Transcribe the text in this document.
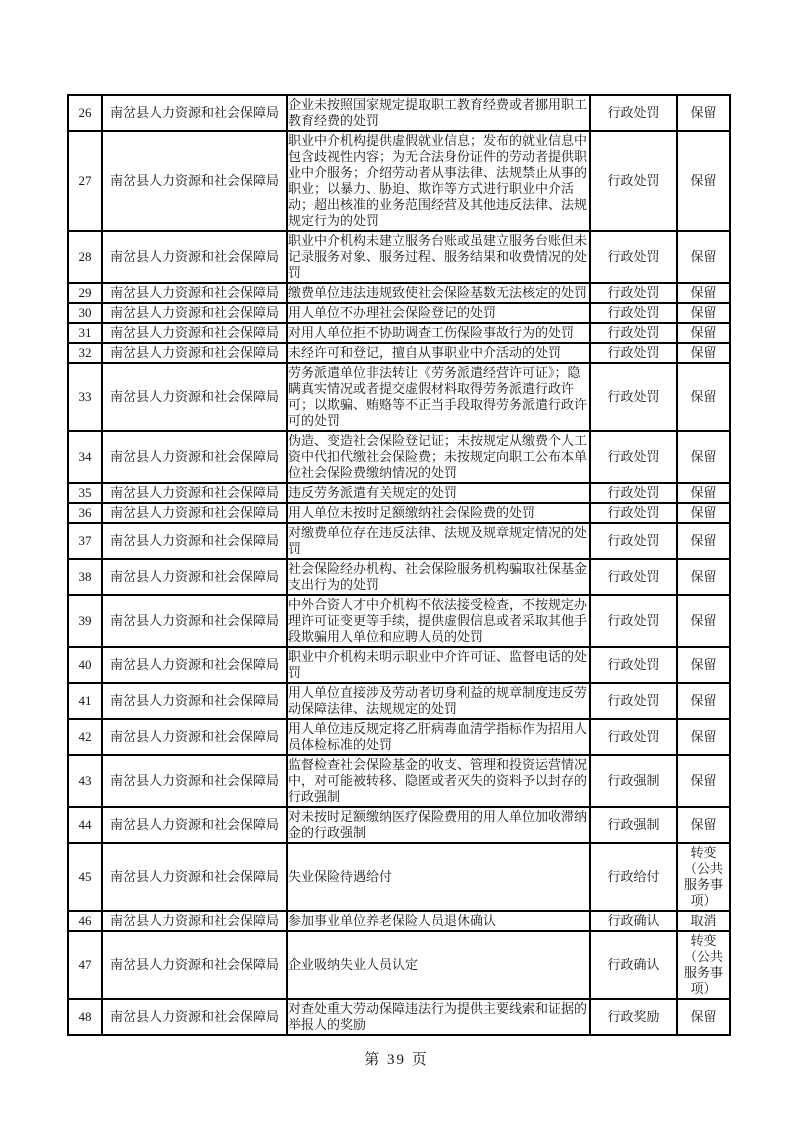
26	南岔县人力资源和社会保障局	企业未按照国家规定提取职工教育经费或者挪用职工教育经费的处罚	行政处罚	保留
27	南岔县人力资源和社会保障局	职业中介机构提供虚假就业信息；发布的就业信息中包含歧视性内容；为无合法身份证件的劳动者提供职业中介服务；介绍劳动者从事法律、法规禁止从事的职业；以暴力、胁迫、欺诈等方式进行职业中介活动；超出核准的业务范围经营及其他违反法律、法规规定行为的处罚	行政处罚	保留
28	南岔县人力资源和社会保障局	职业中介机构未建立服务台账或虽建立服务台账但未记录服务对象、服务过程、服务结果和收费情况的处罚	行政处罚	保留
29	南岔县人力资源和社会保障局	缴费单位违法违规致使社会保险基数无法核定的处罚	行政处罚	保留
30	南岔县人力资源和社会保障局	用人单位不办理社会保险登记的处罚	行政处罚	保留
31	南岔县人力资源和社会保障局	对用人单位拒不协助调查工伤保险事故行为的处罚	行政处罚	保留
32	南岔县人力资源和社会保障局	未经许可和登记，擅自从事职业中介活动的处罚	行政处罚	保留
33	南岔县人力资源和社会保障局	劳务派遣单位非法转让《劳务派遣经营许可证》；隐瞒真实情况或者提交虚假材料取得劳务派遣行政许可；以欺骗、贿赂等不正当手段取得劳务派遣行政许可的处罚	行政处罚	保留
34	南岔县人力资源和社会保障局	伪造、变造社会保险登记证；未按规定从缴费个人工资中代扣代缴社会保险费；未按规定向职工公布本单位社会保险费缴纳情况的处罚	行政处罚	保留
35	南岔县人力资源和社会保障局	违反劳务派遣有关规定的处罚	行政处罚	保留
36	南岔县人力资源和社会保障局	用人单位未按时足额缴纳社会保险费的处罚	行政处罚	保留
37	南岔县人力资源和社会保障局	对缴费单位存在违反法律、法规及规章规定情况的处罚	行政处罚	保留
38	南岔县人力资源和社会保障局	社会保险经办机构、社会保险服务机构骗取社保基金支出行为的处罚	行政处罚	保留
39	南岔县人力资源和社会保障局	中外合资人才中介机构不依法接受检查，不按规定办理许可证变更等手续，提供虚假信息或者采取其他手段欺骗用人单位和应聘人员的处罚	行政处罚	保留
40	南岔县人力资源和社会保障局	职业中介机构未明示职业中介许可证、监督电话的处罚	行政处罚	保留
41	南岔县人力资源和社会保障局	用人单位直接涉及劳动者切身利益的规章制度违反劳动保障法律、法规规定的处罚	行政处罚	保留
42	南岔县人力资源和社会保障局	用人单位违反规定将乙肝病毒血清学指标作为招用人员体检标准的处罚	行政处罚	保留
43	南岔县人力资源和社会保障局	监督检查社会保险基金的收支、管理和投资运营情况中，对可能被转移、隐匿或者灭失的资料予以封存的行政强制	行政强制	保留
44	南岔县人力资源和社会保障局	对未按时足额缴纳医疗保险费用的用人单位加收滞纳金的行政强制	行政强制	保留
45	南岔县人力资源和社会保障局	失业保险待遇给付	行政给付	转变（公共服务事项）
46	南岔县人力资源和社会保障局	参加事业单位养老保险人员退休确认	行政确认	取消
47	南岔县人力资源和社会保障局	企业吸纳失业人员认定	行政确认	转变（公共服务事项）
48	南岔县人力资源和社会保障局	对查处重大劳动保障违法行为提供主要线索和证据的举报人的奖励	行政奖励	保留
第 39 页
